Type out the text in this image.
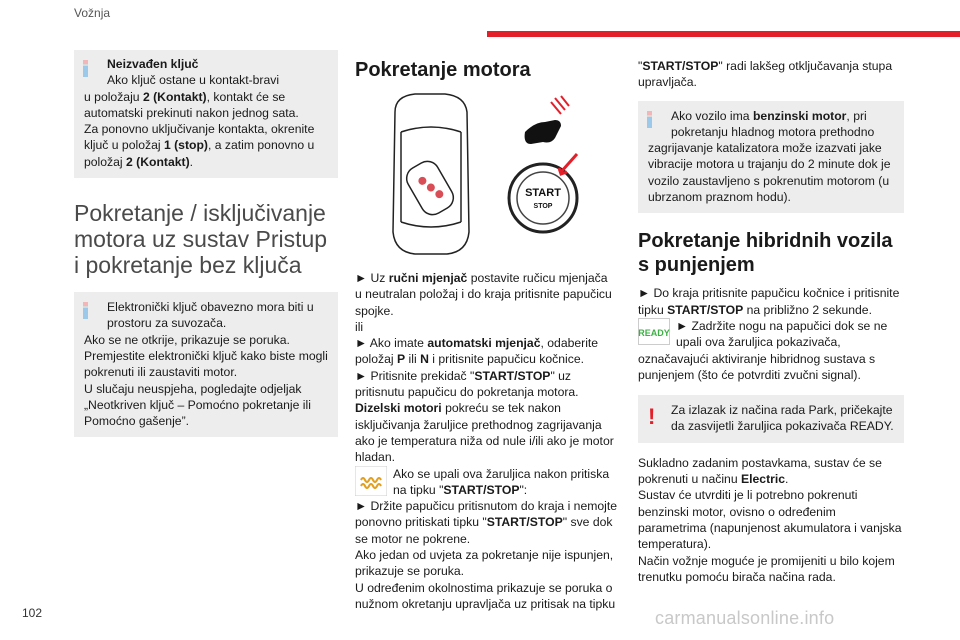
Vožnja

Neizvađen ključ

Ako ključ ostane u kontakt-bravi

u položaju 2 (Kontakt), kontakt će se

automatski prekinuti nakon jednog sata.

Za ponovno uključivanje kontakta, okrenite

ključ u položaj 1 (stop), a zatim ponovno u

položaj 2 (Kontakt).

Pokretanje / isključivanje motora uz sustav Pristup i pokretanje bez ključa

Elektronički ključ obavezno mora biti u

prostoru za suvozača.

Ako se ne otkrije, prikazuje se poruka.

Premjestite elektronički ključ kako biste mogli

pokrenuti ili zaustaviti motor.

U slučaju neuspjeha, pogledajte odjeljak

„Neotkriven ključ – Pomoćno pokretanje ili

Pomoćno gašenje”.

Pokretanje motora
START
STOP

► Uz ručni mjenjač postavite ručicu mjenjača

u neutralan položaj i do kraja pritisnite papučicu

spojke.

ili

► Ako imate automatski mjenjač, odaberite

položaj P ili N i pritisnite papučicu kočnice.

► Pritisnite prekidač "START/STOP" uz

pritisnutu papučicu do pokretanja motora.

Dizelski motori pokreću se tek nakon

isključivanja žaruljice prethodnog zagrijavanja

ako je temperatura niža od nule i/ili ako je motor

hladan.

Ako se upali ova žaruljica nakon pritiska

na tipku "START/STOP":

► Držite papučicu pritisnutom do kraja i nemojte

ponovno pritiskati tipku "START/STOP" sve dok

se motor ne pokrene.

Ako jedan od uvjeta za pokretanje nije ispunjen,

prikazuje se poruka.

U određenim okolnostima prikazuje se poruka o

nužnom okretanju upravljača uz pritisak na tipku

"START/STOP" radi lakšeg otključavanja stupa

upravljača.

Ako vozilo ima benzinski motor, pri

pokretanju hladnog motora prethodno

zagrijavanje katalizatora može izazvati jake

vibracije motora u trajanju do 2 minute dok je

vozilo zaustavljeno s pokrenutim motorom (u

ubrzanom praznom hodu).

Pokretanje hibridnih vozila s punjenjem

► Do kraja pritisnite papučicu kočnice i pritisnite

tipku START/STOP na približno 2 sekunde.

READY ► Zadržite nogu na papučici dok se ne

upali ova žaruljica pokazivača,

označavajući aktiviranje hibridnog sustava s

punjenjem (što će potvrditi zvučni signal).

!	Za izlazak iz načina rada Park, pričekajte

da zasvijetli žaruljica pokazivača READY.

Sukladno zadanim postavkama, sustav će se

pokrenuti u načinu Electric.

Sustav će utvrditi je li potrebno pokrenuti

benzinski motor, ovisno o određenim

parametrima (napunjenost akumulatora i vanjska

temperatura).

Način vožnje moguće je promijeniti u bilo kojem

trenutku pomoću birača načina rada.

102	carmanualsonline.info
